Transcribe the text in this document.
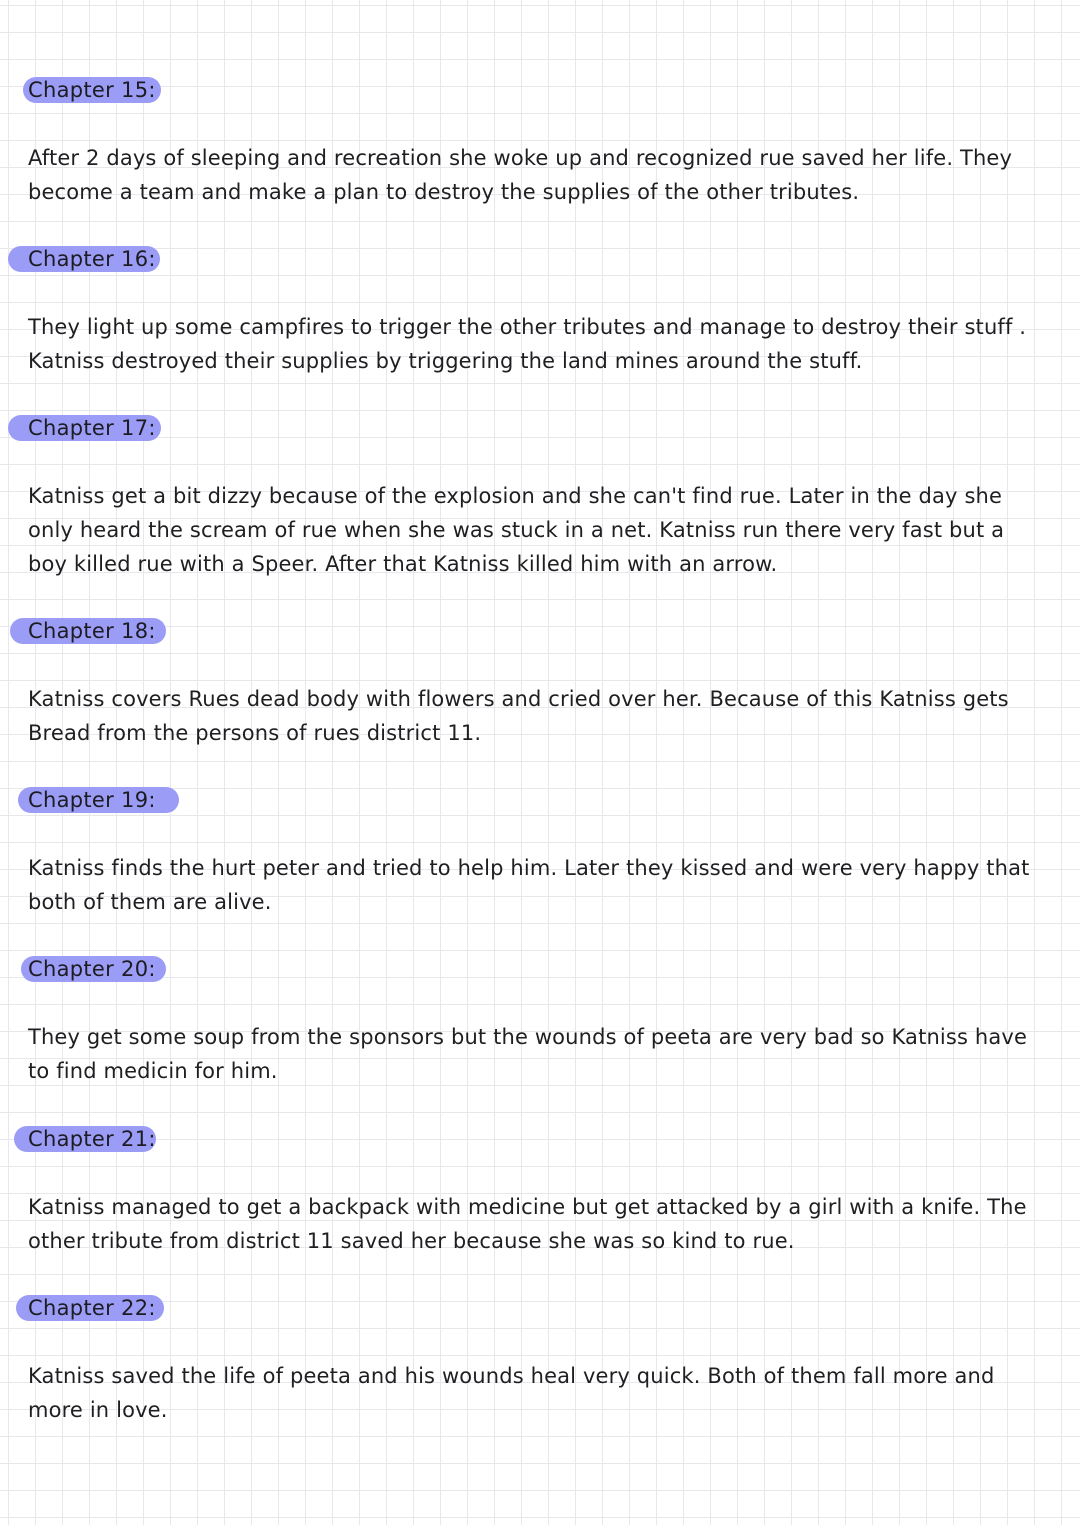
Chapter 15:

After 2 days of sleeping and recreation she woke up and recognized rue saved her life. They become a team and make a plan to destroy the supplies of the other tributes.

Chapter 16:

They light up some campfires to trigger the other tributes and manage to destroy their stuff . Katniss destroyed their supplies by triggering the land mines around the stuff.

Chapter 17:

Katniss get a bit dizzy because of the explosion and she can't find rue. Later in the day she only heard the scream of rue when she was stuck in a net. Katniss run there very fast but a boy killed rue with a Speer. After that Katniss killed him with an arrow.

Chapter 18:

Katniss covers Rues dead body with flowers and cried over her. Because of this Katniss gets Bread from the persons of rues district 11.

Chapter 19:

Katniss finds the hurt peter and tried to help him. Later they kissed and were very happy that both of them are alive.

Chapter 20:

They get some soup from the sponsors but the wounds of peeta are very bad so Katniss have to find medicin for him.

Chapter 21:

Katniss managed to get a backpack with medicine but get attacked by a girl with a knife. The other tribute from district 11 saved her because she was so kind to rue.

Chapter 22:

Katniss saved the life of peeta and his wounds heal very quick. Both of them fall more and more in love.
